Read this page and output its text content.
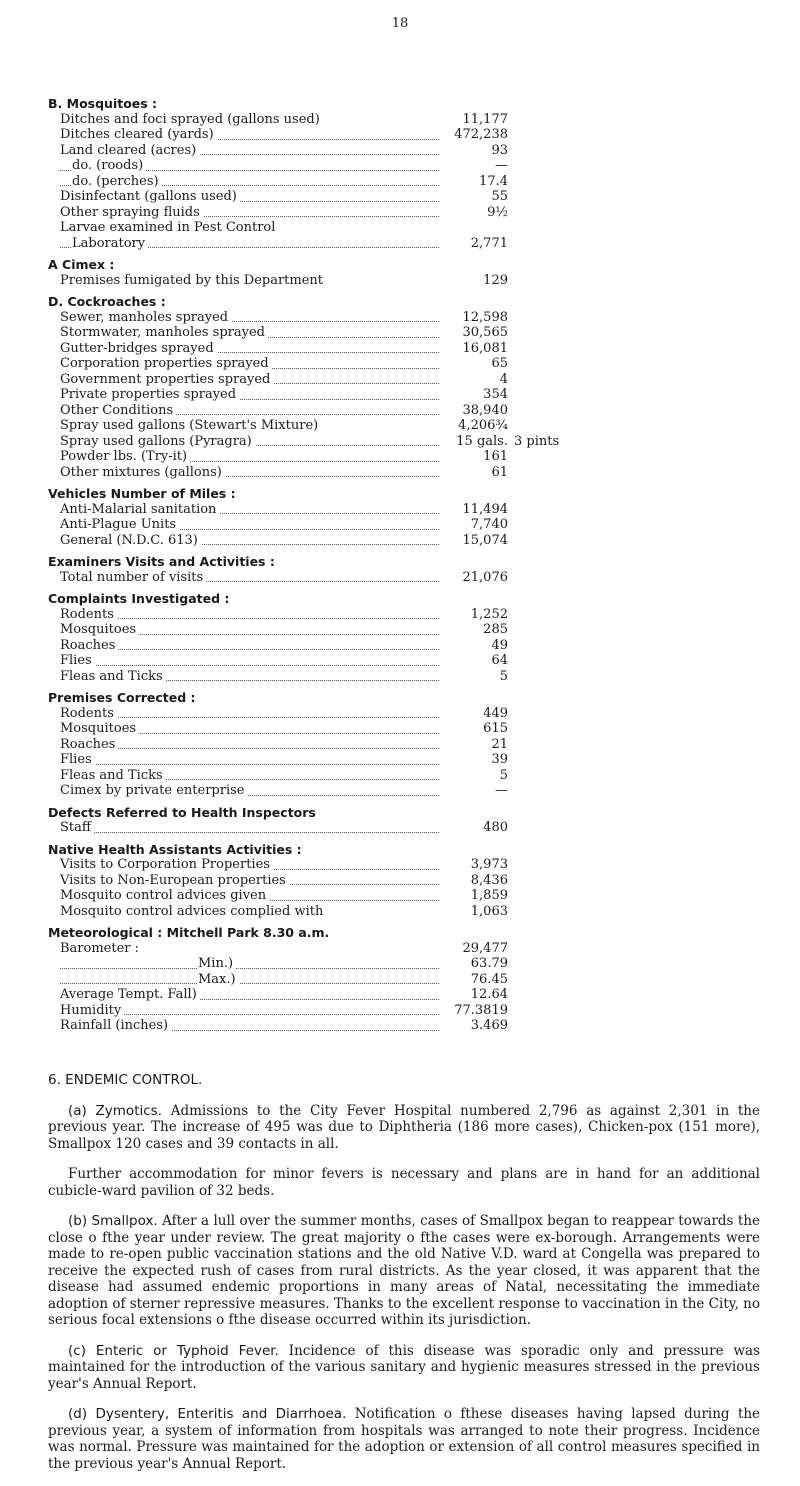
18
B. Mosquitoes :
Ditches and foci sprayed (gallons used)	11,177
Ditches cleared (yards)	472,238
Land cleared (acres)	93
do. (roods)	—
do. (perches)	17.4
Disinfectant (gallons used)	55
Other spraying fluids	9½
Larvae examined in Pest Control
Laboratory	2,771
A Cimex :
Premises fumigated by this Department	129
D. Cockroaches :
Sewer, manholes sprayed	12,598
Stormwater, manholes sprayed	30,565
Gutter-bridges sprayed	16,081
Corporation properties sprayed	65
Government properties sprayed	4
Private properties sprayed	354
Other Conditions	38,940
Spray used gallons (Stewart's Mixture)	4,206¾
Spray used gallons (Pyragra)	15 gals. 3 pints
Powder lbs. (Try-it)	161
Other mixtures (gallons)	61
Vehicles Number of Miles :
Anti-Malarial sanitation	11,494
Anti-Plague Units	7,740
General (N.D.C. 613)	15,074
Examiners Visits and Activities :
Total number of visits	21,076
Complaints Investigated :
Rodents	1,252
Mosquitoes	285
Roaches	49
Flies	64
Fleas and Ticks	5
Premises Corrected :
Rodents	449
Mosquitoes	615
Roaches	21
Flies	39
Fleas and Ticks	5
Cimex by private enterprise	—
Defects Referred to Health Inspectors
Staff	480
Native Health Assistants Activities :
Visits to Corporation Properties	3,973
Visits to Non-European properties	8,436
Mosquito control advices given	1,859
Mosquito control advices complied with	1,063
Meteorological : Mitchell Park 8.30 a.m.
Barometer :	29,477
Min.)	63.79
Max.)	76.45
Average Tempt. Fall)	12.64
Humidity	77.3819
Rainfall (inches)	3.469
6. ENDEMIC CONTROL.

(a) Zymotics. Admissions to the City Fever Hospital numbered 2,796 as against 2,301 in the previous year. The increase of 495 was due to Diphtheria (186 more cases), Chicken-pox (151 more), Smallpox 120 cases and 39 contacts in all.

Further accommodation for minor fevers is necessary and plans are in hand for an additional cubicle-ward pavilion of 32 beds.

(b) Smallpox. After a lull over the summer months, cases of Smallpox began to reappear towards the close o fthe year under review. The great majority o fthe cases were ex-borough. Arrangements were made to re-open public vaccination stations and the old Native V.D. ward at Congella was prepared to receive the expected rush of cases from rural districts. As the year closed, it was apparent that the disease had assumed endemic proportions in many areas of Natal, necessitating the immediate adoption of sterner repressive measures. Thanks to the excellent response to vaccination in the City, no serious focal extensions o fthe disease occurred within its jurisdiction.

(c) Enteric or Typhoid Fever. Incidence of this disease was sporadic only and pressure was maintained for the introduction of the various sanitary and hygienic measures stressed in the previous year's Annual Report.

(d) Dysentery, Enteritis and Diarrhoea. Notification o fthese diseases having lapsed during the previous year, a system of information from hospitals was arranged to note their progress. Incidence was normal. Pressure was maintained for the adoption or extension of all control measures specified in the previous year's Annual Report.
